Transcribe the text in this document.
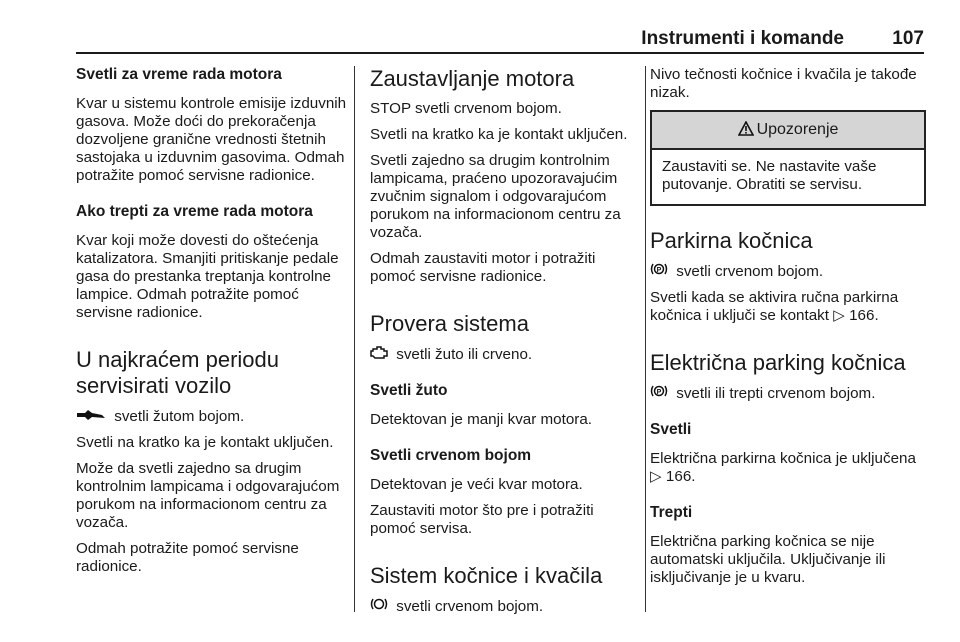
Instrumenti i komande	107
Svetli za vreme rada motora

Kvar u sistemu kontrole emisije izduvnih gasova. Može doći do prekoračenja dozvoljene granične vrednosti štetnih sastojaka u izduvnim gasovima. Odmah potražite pomoć servisne radionice.

Ako trepti za vreme rada motora

Kvar koji može dovesti do oštećenja katalizatora. Smanjiti pritiskanje pedale gasa do prestanka treptanja kontrolne lampice. Odmah potražite pomoć servisne radionice.

U najkraćem periodu servisirati vozilo

svetli žutom bojom.

Svetli na kratko ka je kontakt uključen.

Može da svetli zajedno sa drugim kontrolnim lampicama i odgovarajućom porukom na informacionom centru za vozača.

Odmah potražite pomoć servisne radionice.

Zaustavljanje motora

STOP svetli crvenom bojom.

Svetli na kratko ka je kontakt uključen.

Svetli zajedno sa drugim kontrolnim lampicama, praćeno upozoravajućim zvučnim signalom i odgovarajućom porukom na informacionom centru za vozača.

Odmah zaustaviti motor i potražiti pomoć servisne radionice.

Provera sistema

svetli žuto ili crveno.

Svetli žuto

Detektovan je manji kvar motora.

Svetli crvenom bojom

Detektovan je veći kvar motora.

Zaustaviti motor što pre i potražiti pomoć servisa.

Sistem kočnice i kvačila

svetli crvenom bojom.

Nivo tečnosti kočnice i kvačila je takođe nizak.

Upozorenje
Zaustaviti se. Ne nastavite vaše putovanje. Obratiti se servisu.
Parkirna kočnica

P svetli crvenom bojom.

Svetli kada se aktivira ručna parkirna kočnica i uključi se kontakt ▷ 166.

Električna parking kočnica

P svetli ili trepti crvenom bojom.

Svetli

Električna parkirna kočnica je uključena ▷ 166.

Trepti

Električna parking kočnica se nije automatski uključila. Uključivanje ili isključivanje je u kvaru.
